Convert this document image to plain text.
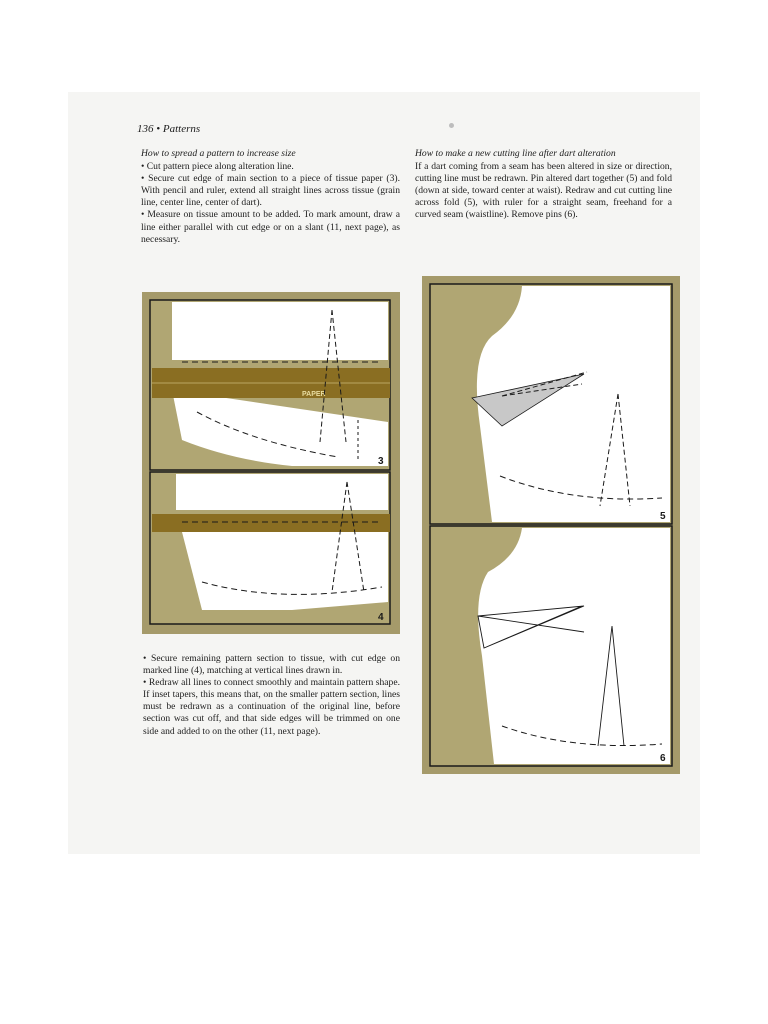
136 • Patterns

How to spread a pattern to increase size

• Cut pattern piece along alteration line.

• Secure cut edge of main section to a piece of tissue paper (3). With pencil and ruler, extend all straight lines across tissue (grain line, center line, center of dart).

• Measure on tissue amount to be added. To mark amount, draw a line either parallel with cut edge or on a slant (11, next page), as necessary.

How to make a new cutting line after dart alteration

If a dart coming from a seam has been altered in size or direction, cutting line must be redrawn. Pin altered dart together (5) and fold (down at side, toward center at waist). Redraw and cut cutting line across fold (5), with ruler for a straight seam, freehand for a curved seam (waistline). Remove pins (6).

PAPER
3
4
5
6

• Secure remaining pattern section to tissue, with cut edge on marked line (4), matching at vertical lines drawn in.

• Redraw all lines to connect smoothly and maintain pattern shape. If inset tapers, this means that, on the smaller pattern section, lines must be redrawn as a continuation of the original line, before section was cut off, and that side edges will be trimmed on one side and added to on the other (11, next page).
